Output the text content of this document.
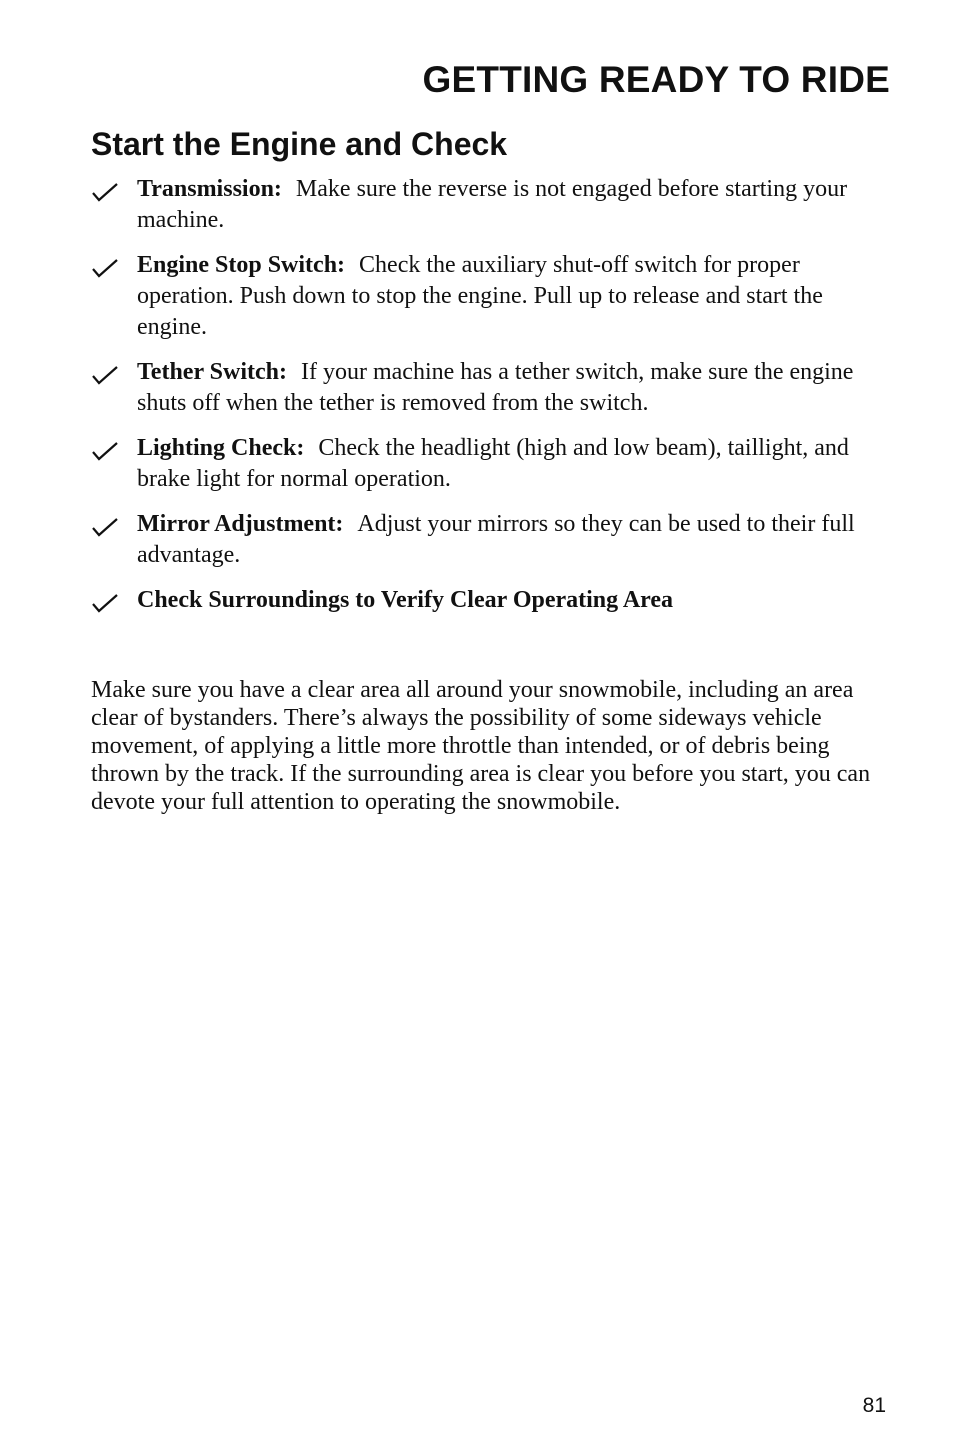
GETTING READY TO RIDE
Start the Engine and Check
Transmission: Make sure the reverse is not engaged before starting your machine.
Engine Stop Switch: Check the auxiliary shut-off switch for proper operation. Push down to stop the engine. Pull up to release and start the engine.
Tether Switch: If your machine has a tether switch, make sure the engine shuts off when the tether is removed from the switch.
Lighting Check: Check the headlight (high and low beam), taillight, and brake light for normal operation.
Mirror Adjustment: Adjust your mirrors so they can be used to their full advantage.
Check Surroundings to Verify Clear Operating Area

Make sure you have a clear area all around your snowmobile, including an area clear of bystanders. There’s always the possibility of some sideways vehicle movement, of applying a little more throttle than intended, or of debris being thrown by the track. If the surrounding area is clear you before you start, you can devote your full attention to operating the snowmobile.

81
